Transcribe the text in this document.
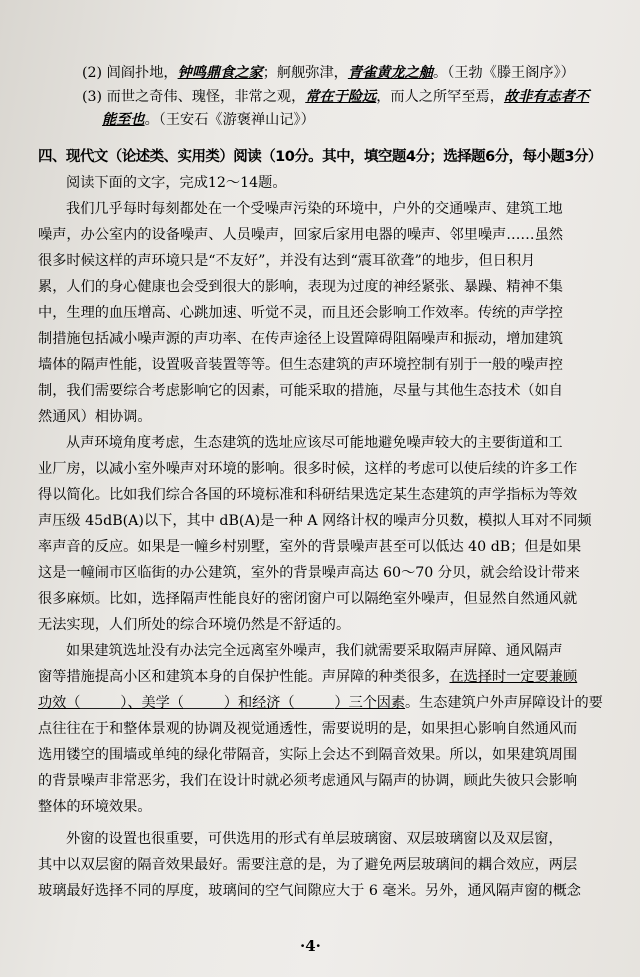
(2) 闾阎扑地，钟鸣鼎食之家；舸舰弥津，青雀黄龙之舳。（王勃《滕王阁序》）
(3) 而世之奇伟、瑰怪，非常之观，常在于险远，而人之所罕至焉，故非有志者不
能至也。（王安石《游褒禅山记》）
四、现代文（论述类、实用类）阅读（10分。其中，填空题4分；选择题6分，每小题3分）
阅读下面的文字，完成12～14题。
我们几乎每时每刻都处在一个受噪声污染的环境中，户外的交通噪声、建筑工地
噪声，办公室内的设备噪声、人员噪声，回家后家用电器的噪声、邻里噪声……虽然
很多时候这样的声环境只是“不友好”，并没有达到“震耳欲聋”的地步，但日积月
累，人们的身心健康也会受到很大的影响，表现为过度的神经紧张、暴躁、精神不集
中，生理的血压增高、心跳加速、听觉不灵，而且还会影响工作效率。传统的声学控
制措施包括减小噪声源的声功率、在传声途径上设置障碍阻隔噪声和振动，增加建筑
墙体的隔声性能，设置吸音装置等等。但生态建筑的声环境控制有别于一般的噪声控
制，我们需要综合考虑影响它的因素，可能采取的措施，尽量与其他生态技术（如自
然通风）相协调。
从声环境角度考虑，生态建筑的选址应该尽可能地避免噪声较大的主要街道和工
业厂房，以减小室外噪声对环境的影响。很多时候，这样的考虑可以使后续的许多工作
得以简化。比如我们综合各国的环境标准和科研结果选定某生态建筑的声学指标为等效
声压级 45dB(A)以下，其中 dB(A)是一种 A 网络计权的噪声分贝数，模拟人耳对不同频
率声音的反应。如果是一幢乡村别墅，室外的背景噪声甚至可以低达 40 dB；但是如果
这是一幢闹市区临街的办公建筑，室外的背景噪声高达 60～70 分贝，就会给设计带来
很多麻烦。比如，选择隔声性能良好的密闭窗户可以隔绝室外噪声，但显然自然通风就
无法实现，人们所处的综合环境仍然是不舒适的。
如果建筑选址没有办法完全远离室外噪声，我们就需要采取隔声屏障、通风隔声
窗等措施提高小区和建筑本身的自保护性能。声屏障的种类很多，在选择时一定要兼顾
功效（	）、美学（	）和经济（	）三个因素。生态建筑户外声屏障设计的要
点往往在于和整体景观的协调及视觉通透性，需要说明的是，如果担心影响自然通风而
选用镂空的围墙或单纯的绿化带隔音，实际上会达不到隔音效果。所以，如果建筑周围
的背景噪声非常恶劣，我们在设计时就必须考虑通风与隔声的协调，顾此失彼只会影响
整体的环境效果。
外窗的设置也很重要，可供选用的形式有单层玻璃窗、双层玻璃窗以及双层窗，
其中以双层窗的隔音效果最好。需要注意的是，为了避免两层玻璃间的耦合效应，两层
玻璃最好选择不同的厚度，玻璃间的空气间隙应大于 6 毫米。另外，通风隔声窗的概念
·4·
